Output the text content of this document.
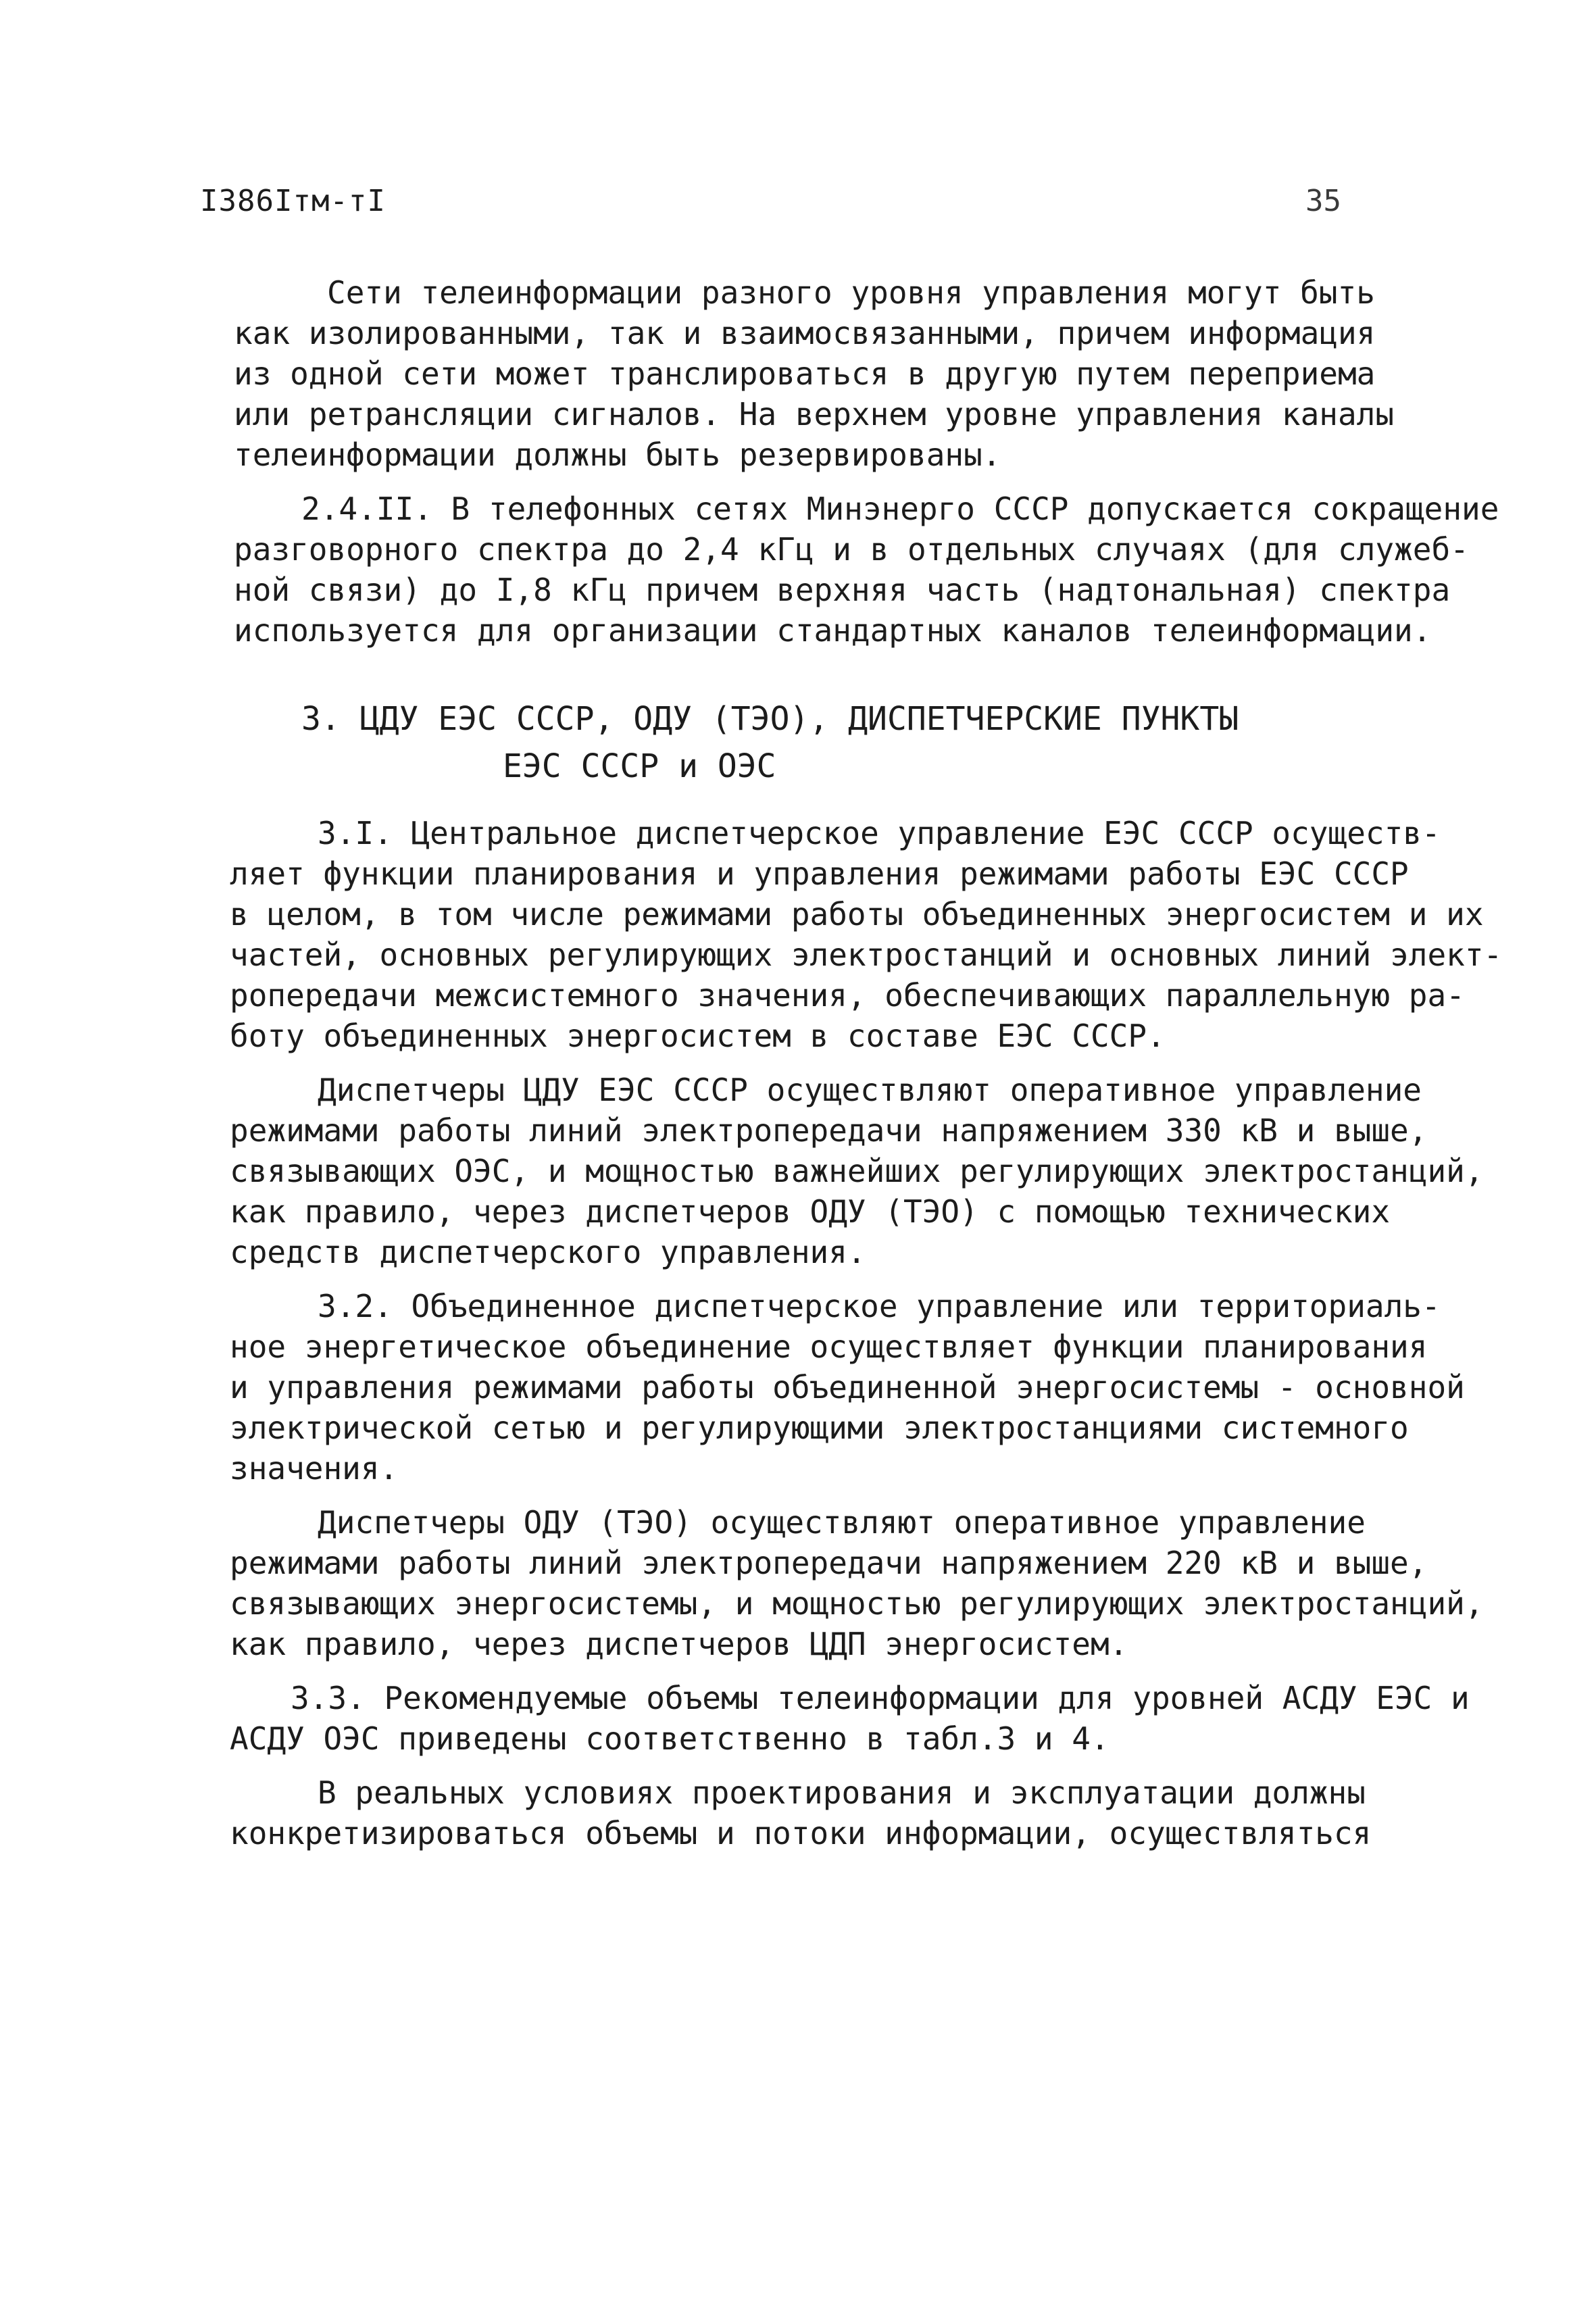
I386Iтм-тI	35
Сети телеинформации разного уровня управления могут быть
как изолированными, так и взаимосвязанными, причем информация
из одной сети может транслироваться в другую путем переприема
или ретрансляции сигналов. На верхнем уровне управления каналы
телеинформации должны быть резервированы.
2.4.II. В телефонных сетях Минэнерго СССР допускается сокращение
разговорного спектра до 2,4 кГц и в отдельных случаях (для служеб-
ной связи) до I,8 кГц причем верхняя часть (надтональная) спектра
используется для организации стандартных каналов телеинформации.
3. ЦДУ ЕЭС СССР, ОДУ (ТЭО), ДИСПЕТЧЕРСКИЕ ПУНКТЫ
ЕЭС СССР и ОЭС
3.I. Центральное диспетчерское управление ЕЭС СССР осуществ-
ляет функции планирования и управления режимами работы ЕЭС СССР
в целом, в том числе режимами работы объединенных энергосистем и их
частей, основных регулирующих электростанций и основных линий элект-
ропередачи межсистемного значения, обеспечивающих параллельную ра-
боту объединенных энергосистем в составе ЕЭС СССР.
Диспетчеры ЦДУ ЕЭС СССР осуществляют оперативное управление
режимами работы линий электропередачи напряжением 330 кВ и выше,
связывающих ОЭС, и мощностью важнейших регулирующих электростанций,
как правило, через диспетчеров ОДУ (ТЭО) с помощью технических
средств диспетчерского управления.
3.2. Объединенное диспетчерское управление или территориаль-
ное энергетическое объединение осуществляет функции планирования
и управления режимами работы объединенной энергосистемы - основной
электрической сетью и регулирующими электростанциями системного
значения.
Диспетчеры ОДУ (ТЭО) осуществляют оперативное управление
режимами работы линий электропередачи напряжением 220 кВ и выше,
связывающих энергосистемы, и мощностью регулирующих электростанций,
как правило, через диспетчеров ЦДП энергосистем.
3.3. Рекомендуемые объемы телеинформации для уровней АСДУ ЕЭС и
АСДУ ОЭС приведены соответственно в табл.3 и 4.
В реальных условиях проектирования и эксплуатации должны
конкретизироваться объемы и потоки информации, осуществляться
